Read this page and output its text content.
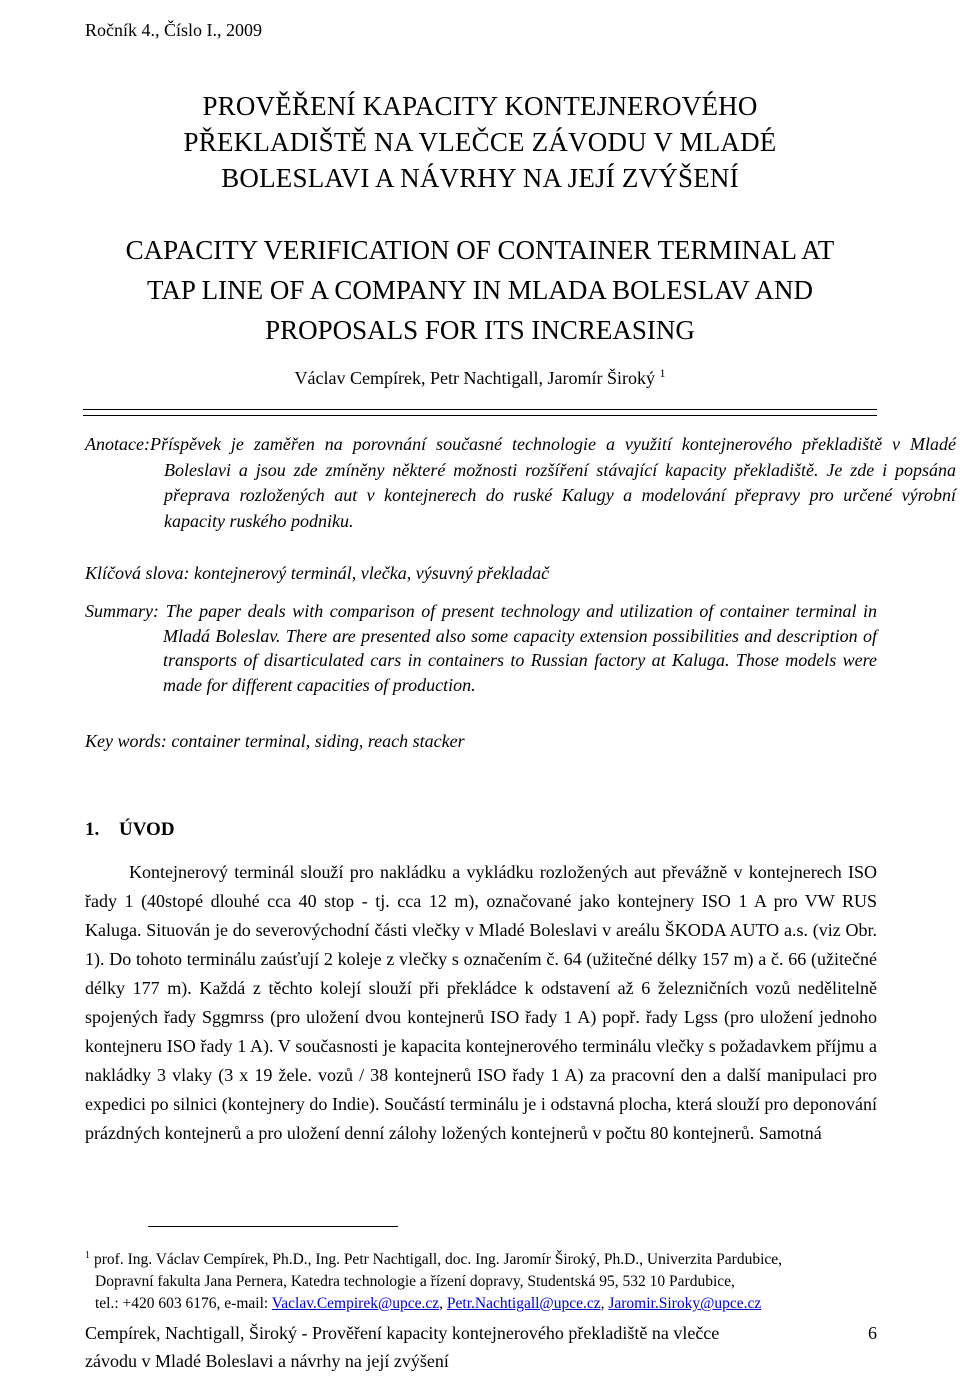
Ročník 4., Číslo I., 2009
PROVĚŘENÍ KAPACITY KONTEJNEROVÉHO
PŘEKLADIŠTĚ NA VLEČCE ZÁVODU V MLADÉ
BOLESLAVI A NÁVRHY NA JEJÍ ZVÝŠENÍ
CAPACITY VERIFICATION OF CONTAINER TERMINAL AT
TAP LINE OF A COMPANY IN MLADA BOLESLAV AND
PROPOSALS FOR ITS INCREASING
Václav Cempírek, Petr Nachtigall, Jaromír Široký $^1$
Anotace:Příspěvek je zaměřen na porovnání současné technologie a využití kontejnerového překladiště v Mladé Boleslavi a jsou zde zmíněny některé možnosti rozšíření stávající kapacity překladiště. Je zde i popsána přeprava rozložených aut v kontejnerech do ruské Kalugy a modelování přepravy pro určené výrobní kapacity ruského podniku.
Klíčová slova: kontejnerový terminál, vlečka, výsuvný překladač
Summary: The paper deals with comparison of present technology and utilization of container terminal in Mladá Boleslav. There are presented also some capacity extension possibilities and description of transports of disarticulated cars in containers to Russian factory at Kaluga. Those models were made for different capacities of production.
Key words: container terminal, siding, reach stacker
1. ÚVOD

Kontejnerový terminál slouží pro nakládku a vykládku rozložených aut převážně v kontejnerech ISO řady 1 (40stopé dlouhé cca 40 stop - tj. cca 12 m), označované jako kontejnery ISO 1 A pro VW RUS Kaluga. Situován je do severovýchodní části vlečky v Mladé Boleslavi v areálu ŠKODA AUTO a.s. (viz Obr. 1). Do tohoto terminálu zaúsťují 2 koleje z vlečky s označením č. 64 (užitečné délky 157 m) a č. 66 (užitečné délky 177 m). Každá z těchto kolejí slouží při překládce k odstavení až 6 železničních vozů nedělitelně spojených řady Sggmrss (pro uložení dvou kontejnerů ISO řady 1 A) popř. řady Lgss (pro uložení jednoho kontejneru ISO řady 1 A). V současnosti je kapacita kontejnerového terminálu vlečky s požadavkem příjmu a nakládky 3 vlaky (3 x 19 žele. vozů / 38 kontejnerů ISO řady 1 A) za pracovní den a další manipulaci pro expedici po silnici (kontejnery do Indie). Součástí terminálu je i odstavná plocha, která slouží pro deponování prázdných kontejnerů a pro uložení denní zálohy ložených kontejnerů v počtu 80 kontejnerů. Samotná

$^1$ prof. Ing. Václav Cempírek, Ph.D., Ing. Petr Nachtigall, doc. Ing. Jaromír Široký, Ph.D., Univerzita Pardubice,
Dopravní fakulta Jana Pernera, Katedra technologie a řízení dopravy, Studentská 95, 532 10 Pardubice,
tel.: +420 603 6176, e-mail: Vaclav.Cempirek@upce.cz, Petr.Nachtigall@upce.cz, Jaromir.Siroky@upce.cz
Cempírek, Nachtigall, Široký - Prověření kapacity kontejnerového překladiště na vlečce
závodu v Mladé Boleslavi a návrhy na její zvýšení
6
